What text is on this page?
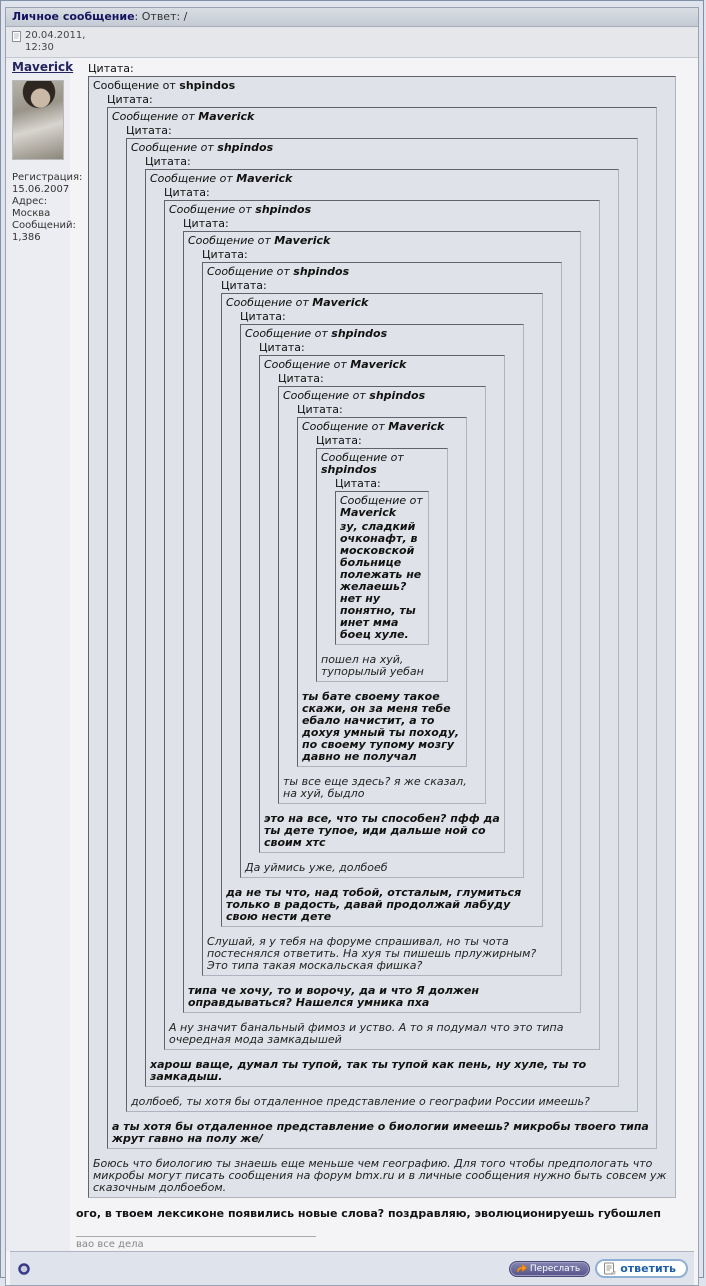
Личное сообщение: Ответ: /
20.04.2011, 12:30
Maverick
Регистрация:
15.06.2007
Адрес:
Москва
Сообщений:
1,386
Цитата:
Сообщение от shpindos
Цитата:
Сообщение от Maverick
Цитата:
Сообщение от shpindos
Цитата:
Сообщение от Maverick
Цитата:
Сообщение от shpindos
Цитата:
Сообщение от Maverick
Цитата:
Сообщение от shpindos
Цитата:
Сообщение от Maverick
Цитата:
Сообщение от shpindos
Цитата:
Сообщение от Maverick
Цитата:
Сообщение от shpindos
Цитата:
Сообщение от Maverick
Цитата:
Сообщение от shpindos
Цитата:
Сообщение от Maverick
зу, сладкий очконафт, в московской больнице полежать не желаешь? нет ну понятно, ты инет мма боец хуле.
пошел на хуй, тупорылый уебан
ты бате своему такое скажи, он за меня тебе ебало начистит, а то дохуя умный ты походу, по своему тупому мозгу давно не получал
ты все еще здесь? я же сказал, на хуй, быдло
это на все, что ты способен? пфф да ты дете тупое, иди дальше ной со своим хтс
Да уймись уже, долбоеб
да не ты что, над тобой, отсталым, глумиться только в радость, давай продолжай лабуду свою нести дете
Слушай, я у тебя на форуме спрашивал, но ты чота постеснялся ответить. На хуя ты пишешь прлужирным? Это типа такая москальская фишка?
типа че хочу, то и ворочу, да и что Я должен оправдываться? Нашелся умника пха
А ну значит банальный фимоз и уство. А то я подумал что это типа очередная мода замкадышей
харош ваще, думал ты тупой, так ты тупой как пень, ну хуле, ты то замкадыш.
долбоеб, ты хотя бы отдаленное представление о географии России имеешь?
а ты хотя бы отдаленное представление о биологии имеешь? микробы твоего типа жрут гавно на полу же/
Боюсь что биологию ты знаешь еще меньше чем географию. Для того чтобы предпологать что микробы могут писать сообщения на форум bmx.ru и в личные сообщения нужно быть совсем уж сказочным долбоебом.
ого, в твоем лексиконе появились новые слова? поздравляю, эволюционируешь губошлеп
вао все дела
Переслать	ответить
